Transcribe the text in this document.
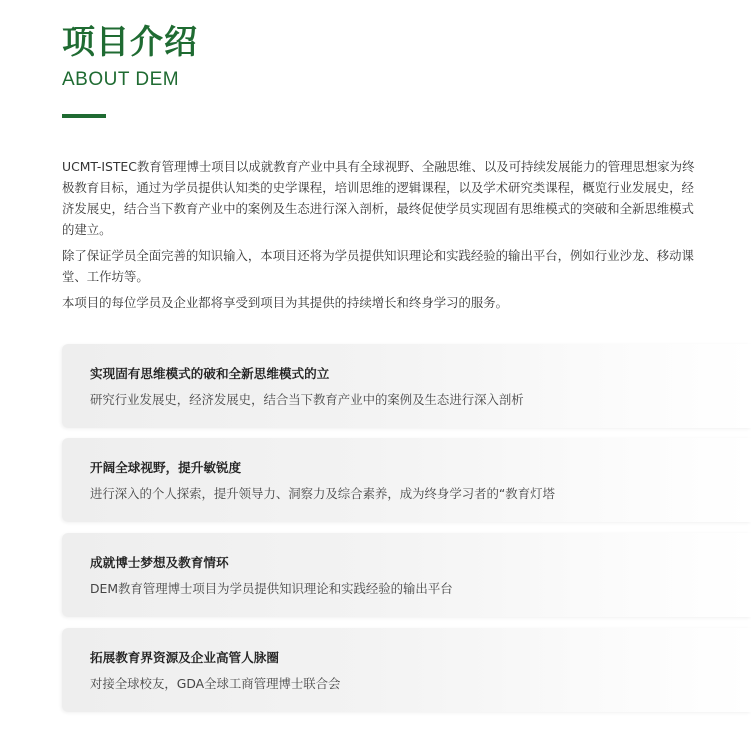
项目介绍
ABOUT DEM

UCMT-ISTEC教育管理博士项目以成就教育产业中具有全球视野、全融思维、以及可持续发展能力的管理思想家为终极教育目标，通过为学员提供认知类的史学课程，培训思维的逻辑课程，以及学术研究类课程，概览行业发展史，经济发展史，结合当下教育产业中的案例及生态进行深入剖析，最终促使学员实现固有思维模式的突破和全新思维模式的建立。

除了保证学员全面完善的知识输入，本项目还将为学员提供知识理论和实践经验的输出平台，例如行业沙龙、移动课堂、工作坊等。

本项目的每位学员及企业都将享受到项目为其提供的持续增长和终身学习的服务。

实现固有思维模式的破和全新思维模式的立
研究行业发展史，经济发展史，结合当下教育产业中的案例及生态进行深入剖析
开阔全球视野，提升敏锐度
进行深入的个人探索，提升领导力、洞察力及综合素养，成为终身学习者的“教育灯塔
成就博士梦想及教育情环
DEM教育管理博士项目为学员提供知识理论和实践经验的输出平台
拓展教育界资源及企业高管人脉圈
对接全球校友，GDA全球工商管理博士联合会
